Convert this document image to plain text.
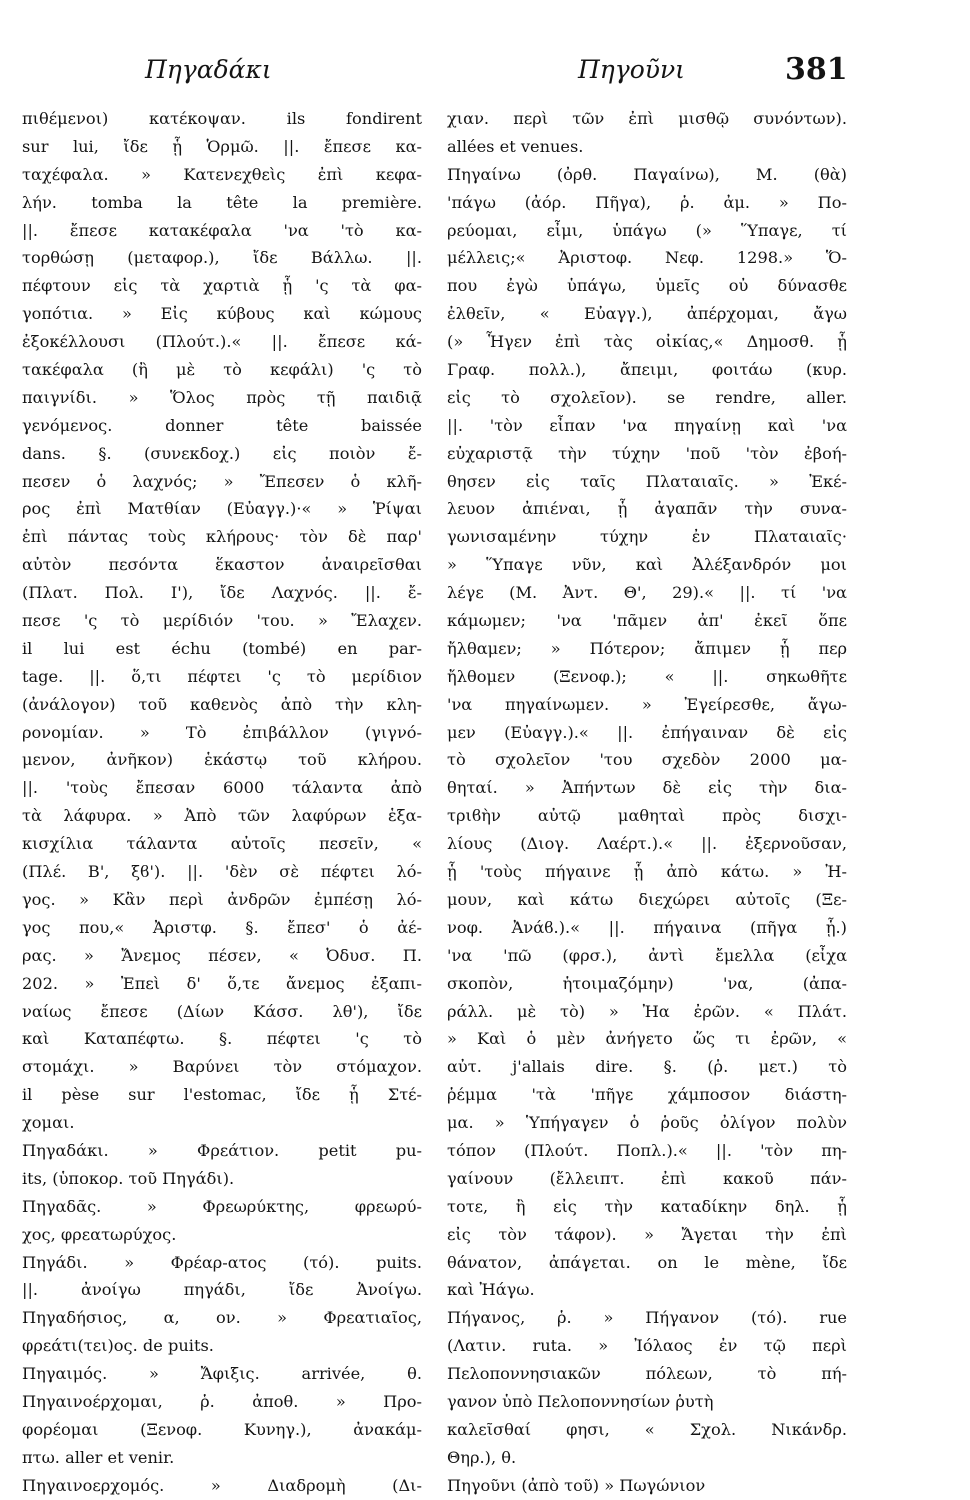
Πηγαδάκι	Πηγοῦνι	381
πιθέμενοι) κατέκοψαν. ils fondirent
sur lui, ἴδε ᾗ Ὁρμῶ. ||. ἔπεσε κα-
ταχέφαλα. » Κατενεχθεὶς ἐπὶ κεφα-
λήν. tomba la tête la première.
||. ἔπεσε κατακέφαλα 'να 'τὸ κα-
τορθώσῃ (μεταφορ.), ἴδε Βάλλω. ||.
πέφτουν εἰς τὰ χαρτιὰ ᾗ 'ς τὰ φα-
γοπότια. » Εἰς κύβους καὶ κώμους
ἐξοκέλλουσι (Πλούτ.).« ||. ἔπεσε κά-
τακέφαλα (ἢ μὲ τὸ κεφάλι) 'ς τὸ
παιγνίδι. » Ὅλος πρὸς τῇ παιδιᾷ
γενόμενος. donner tête baissée
dans. §. (συνεκδοχ.) εἰς ποιὸν ἔ-
πεσεν ὁ λαχνός; » Ἔπεσεν ὁ κλῆ-
ρος ἐπὶ Ματθίαν (Εὐαγγ.)·« » Ῥίψαι
ἐπὶ πάντας τοὺς κλήρους· τὸν δὲ παρ'
αὐτὸν πεσόντα ἕκαστον ἀναιρεῖσθαι
(Πλατ. Πολ. Ι'), ἴδε Λαχνός. ||. ἔ-
πεσε 'ς τὸ μερίδιόν 'του. » Ἔλαχεν.
il lui est échu (tombé) en par-
tage. ||. ὅ,τι πέφτει 'ς τὸ μερίδιον
(ἀνάλογον) τοῦ καθενὸς ἀπὸ τὴν κλη-
ρονομίαν. » Τὸ ἐπιβάλλον (γιγνό-
μενον, ἀνῆκον) ἑκάστῳ τοῦ κλήρου.
||. 'τοὺς ἔπεσαν 6000 τάλαντα ἀπὸ
τὰ λάφυρα. » Ἀπὸ τῶν λαφύρων ἑξα-
κισχίλια τάλαντα αὐτοῖς πεσεῖν, «
(Πλέ. Β', ξϐ'). ||. 'δὲν σὲ πέφτει λό-
γος. » Κἂν περὶ ἀνδρῶν ἐμπέσῃ λό-
γος που,« Ἀριστφ. §. ἔπεσ' ὁ ἀέ-
ρας. » Ἄνεμος πέσεν, « Ὀδυσ. Π.
202. » Ἐπεὶ δ' ὅ,τε ἄνεμος ἐξαπι-
ναίως ἔπεσε (Δίων Κάσσ. λθ'), ἴδε
καὶ Καταπέφτω. §. πέφτει 'ς τὸ
στομάχι. » Βαρύνει τὸν στόμαχον.
il pèse sur l'estomac, ἴδε ᾗ Στέ-
χομαι.
Πηγαδάκι. » Φρεάτιον. petit pu-
its, (ὑποκορ. τοῦ Πηγάδι).
Πηγαδᾶς. » Φρεωρύκτης, φρεωρύ-
χος, φρεατωρύχος.
Πηγάδι. » Φρέαρ-ατος (τό). puits.
||. ἀνοίγω πηγάδι, ἴδε Ἀνοίγω.
Πηγαδήσιος, α, ον. » Φρεατιαῖος,
φρεάτι(τει)ος. de puits.
Πηγαιμός. » Ἄφιξις. arrivée, θ.
Πηγαινοέρχομαι, ῥ. ἀποθ. » Προ-
φορέομαι (Ξενοφ. Κυνηγ.), ἀνακάμ-
πτω. aller et venir.
Πηγαινοερχομός. » Διαδρομὴ (Δι-
χιαν. περὶ τῶν ἐπὶ μισθῷ συνόντων).
allées et venues.
Πηγαίνω (ὀρθ. Παγαίνω), Μ. (θὰ)
'πάγω (ἀόρ. Πῆγα), ῥ. ἀμ. » Πο-
ρεύομαι, εἶμι, ὑπάγω (» Ὕπαγε, τί
μέλλεις;« Ἀριστοφ. Νεφ. 1298.» Ὅ-
που ἐγὼ ὑπάγω, ὑμεῖς οὐ δύνασθε
ἐλθεῖν, « Εὐαγγ.), ἀπέρχομαι, ἄγω
(» Ἧγεν ἐπὶ τὰς οἰκίας,« Δημοσθ. ᾗ
Γραφ. πολλ.), ἄπειμι, φοιτάω (κυρ.
εἰς τὸ σχολεῖον). se rendre, aller.
||. 'τὸν εἶπαν 'να πηγαίνῃ καὶ 'να
εὐχαριστᾷ τὴν τύχην 'ποῦ 'τὸν ἐβοή-
θησεν εἰς ταῖς Πλαταιαῖς. » Ἐκέ-
λευον ἀπιέναι, ᾗ ἀγαπᾶν τὴν συνα-
γωνισαμένην τύχην ἐν Πλαταιαῖς·
» Ὕπαγε νῦν, καὶ Ἀλέξανδρόν μοι
λέγε (Μ. Ἀντ. Θ', 29).« ||. τί 'να
κάμωμεν; 'να 'πᾶμεν ἀπ' ἐκεῖ ὅπε
ἤλθαμεν; » Πότερον; ἄπιμεν ᾗ περ
ἤλθομεν (Ξενοφ.); « ||. σηκωθῆτε
'να πηγαίνωμεν. » Ἐγείρεσθε, ἄγω-
μεν (Εὐαγγ.).« ||. ἐπήγαιναν δὲ εἰς
τὸ σχολεῖον 'του σχεδὸν 2000 μα-
θηταί. » Ἀπήντων δὲ εἰς τὴν δια-
τριϐὴν αὐτῷ μαθηταὶ πρὸς δισχι-
λίους (Διογ. Λαέρτ.).« ||. ἐξερνοῦσαν,
ᾗ 'τοὺς πήγαινε ᾗ ἀπὸ κάτω. » Ἠ-
μουν, καὶ κάτω διεχώρει αὐτοῖς (Ξε-
νοφ. Ἀνάϐ.).« ||. πήγαινα (πῆγα ᾗ.)
'να 'πῶ (φρσ.), ἀντὶ ἔμελλα (εἶχα
σκοπὸν, ἡτοιμαζόμην) 'να, (ἀπα-
ράλλ. μὲ τὸ) » Ἠα ἐρῶν. « Πλάτ.
» Καὶ ὁ μὲν ἀνήγετο ὥς τι ἐρῶν, «
αὐτ. j'allais dire. §. (ῥ. μετ.) τὸ
ῥέμμα 'τὰ 'πῆγε χάμποσον διάστη-
μα. » Ὑπήγαγεν ὁ ῥοῦς ὀλίγον πολὺν
τόπον (Πλούτ. Ποπλ.).« ||. 'τὸν πη-
γαίνουν (ἔλλειπτ. ἐπὶ κακοῦ πάν-
τοτε, ἢ εἰς τὴν καταδίκην δηλ. ᾗ
εἰς τὸν τάφον). » Ἄγεται τὴν ἐπὶ
θάνατον, ἀπάγεται. on le mène, ἴδε
καὶ Ἠάγω.
Πήγανος, ῥ. » Πήγανον (τό). rue
(Λατιν. ruta. » Ἰόλαος ἐν τῷ περὶ
Πελοποννησιακῶν πόλεων, τὸ πή-
γανον ὑπὸ Πελοποννησίων ῥυτὴ
καλεῖσθαί φησι, « Σχολ. Νικάνδρ.
Θηρ.), θ.
Πηγοῦνι (ἀπὸ τοῦ) » Πωγώνιον
